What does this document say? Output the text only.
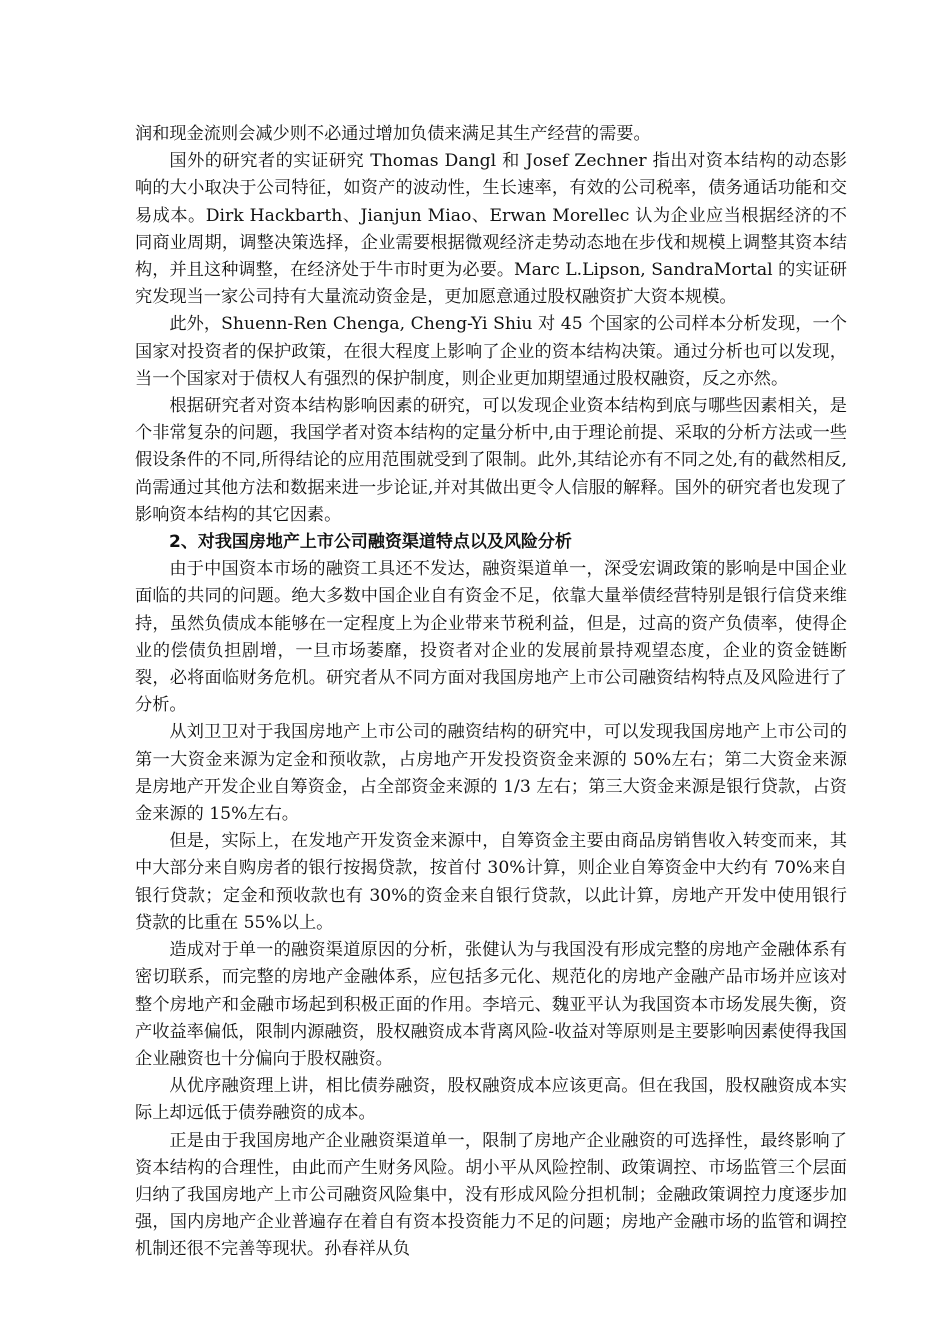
润和现金流则会减少则不必通过增加负债来满足其生产经营的需要。

国外的研究者的实证研究 Thomas Dangl 和 Josef Zechner 指出对资本结构的动态影响的大小取决于公司特征，如资产的波动性，生长速率，有效的公司税率，债务通话功能和交易成本。Dirk Hackbarth、Jianjun Miao、Erwan Morellec 认为企业应当根据经济的不同商业周期，调整决策选择，企业需要根据微观经济走势动态地在步伐和规模上调整其资本结构，并且这种调整，在经济处于牛市时更为必要。Marc L.Lipson, SandraMortal 的实证研究发现当一家公司持有大量流动资金是，更加愿意通过股权融资扩大资本规模。

此外，Shuenn-Ren Chenga, Cheng-Yi Shiu 对 45 个国家的公司样本分析发现，一个国家对投资者的保护政策，在很大程度上影响了企业的资本结构决策。通过分析也可以发现，当一个国家对于债权人有强烈的保护制度，则企业更加期望通过股权融资，反之亦然。

根据研究者对资本结构影响因素的研究，可以发现企业资本结构到底与哪些因素相关，是个非常复杂的问题，我国学者对资本结构的定量分析中,由于理论前提、采取的分析方法或一些假设条件的不同,所得结论的应用范围就受到了限制。此外,其结论亦有不同之处,有的截然相反,尚需通过其他方法和数据来进一步论证,并对其做出更令人信服的解释。国外的研究者也发现了影响资本结构的其它因素。

2、对我国房地产上市公司融资渠道特点以及风险分析

由于中国资本市场的融资工具还不发达，融资渠道单一，深受宏调政策的影响是中国企业面临的共同的问题。绝大多数中国企业自有资金不足，依靠大量举债经营特别是银行信贷来维持，虽然负债成本能够在一定程度上为企业带来节税利益，但是，过高的资产负债率，使得企业的偿债负担剧增，一旦市场萎靡，投资者对企业的发展前景持观望态度，企业的资金链断裂，必将面临财务危机。研究者从不同方面对我国房地产上市公司融资结构特点及风险进行了分析。

从刘卫卫对于我国房地产上市公司的融资结构的研究中，可以发现我国房地产上市公司的第一大资金来源为定金和预收款，占房地产开发投资资金来源的 50%左右；第二大资金来源是房地产开发企业自筹资金，占全部资金来源的 1/3 左右；第三大资金来源是银行贷款，占资金来源的 15%左右。

但是，实际上，在发地产开发资金来源中，自筹资金主要由商品房销售收入转变而来，其中大部分来自购房者的银行按揭贷款，按首付 30%计算，则企业自筹资金中大约有 70%来自银行贷款；定金和预收款也有 30%的资金来自银行贷款，以此计算，房地产开发中使用银行贷款的比重在 55%以上。

造成对于单一的融资渠道原因的分析，张健认为与我国没有形成完整的房地产金融体系有密切联系，而完整的房地产金融体系，应包括多元化、规范化的房地产金融产品市场并应该对整个房地产和金融市场起到积极正面的作用。李培元、魏亚平认为我国资本市场发展失衡，资产收益率偏低，限制内源融资，股权融资成本背离风险-收益对等原则是主要影响因素使得我国企业融资也十分偏向于股权融资。

从优序融资理上讲，相比债券融资，股权融资成本应该更高。但在我国，股权融资成本实际上却远低于债券融资的成本。

正是由于我国房地产企业融资渠道单一，限制了房地产企业融资的可选择性，最终影响了资本结构的合理性，由此而产生财务风险。胡小平从风险控制、政策调控、市场监管三个层面归纳了我国房地产上市公司融资风险集中，没有形成风险分担机制；金融政策调控力度逐步加强，国内房地产企业普遍存在着自有资本投资能力不足的问题；房地产金融市场的监管和调控机制还很不完善等现状。孙春祥从负
